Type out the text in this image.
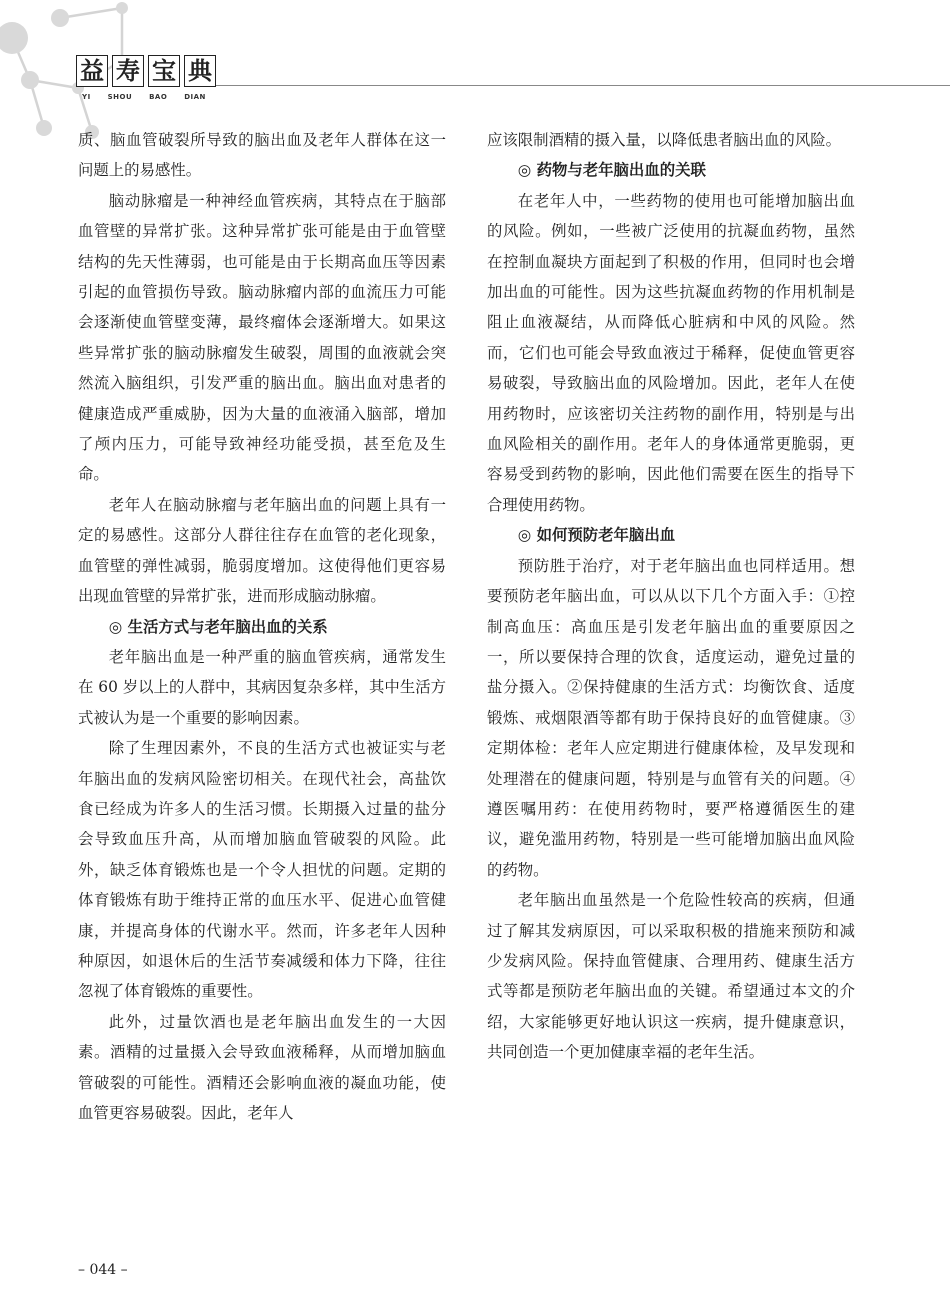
益 寿 宝 典
YI SHOU BAO DIAN

质、脑血管破裂所导致的脑出血及老年人群体在这一问题上的易感性。

脑动脉瘤是一种神经血管疾病，其特点在于脑部血管壁的异常扩张。这种异常扩张可能是由于血管壁结构的先天性薄弱，也可能是由于长期高血压等因素引起的血管损伤导致。脑动脉瘤内部的血流压力可能会逐渐使血管壁变薄，最终瘤体会逐渐增大。如果这些异常扩张的脑动脉瘤发生破裂，周围的血液就会突然流入脑组织，引发严重的脑出血。脑出血对患者的健康造成严重威胁，因为大量的血液涌入脑部，增加了颅内压力，可能导致神经功能受损，甚至危及生命。

老年人在脑动脉瘤与老年脑出血的问题上具有一定的易感性。这部分人群往往存在血管的老化现象，血管壁的弹性减弱，脆弱度增加。这使得他们更容易出现血管壁的异常扩张，进而形成脑动脉瘤。

◎ 生活方式与老年脑出血的关系

老年脑出血是一种严重的脑血管疾病，通常发生在 60 岁以上的人群中，其病因复杂多样，其中生活方式被认为是一个重要的影响因素。

除了生理因素外，不良的生活方式也被证实与老年脑出血的发病风险密切相关。在现代社会，高盐饮食已经成为许多人的生活习惯。长期摄入过量的盐分会导致血压升高，从而增加脑血管破裂的风险。此外，缺乏体育锻炼也是一个令人担忧的问题。定期的体育锻炼有助于维持正常的血压水平、促进心血管健康，并提高身体的代谢水平。然而，许多老年人因种种原因，如退休后的生活节奏减缓和体力下降，往往忽视了体育锻炼的重要性。

此外，过量饮酒也是老年脑出血发生的一大因素。酒精的过量摄入会导致血液稀释，从而增加脑血管破裂的可能性。酒精还会影响血液的凝血功能，使血管更容易破裂。因此，老年人

应该限制酒精的摄入量，以降低患者脑出血的风险。

◎ 药物与老年脑出血的关联

在老年人中，一些药物的使用也可能增加脑出血的风险。例如，一些被广泛使用的抗凝血药物，虽然在控制血凝块方面起到了积极的作用，但同时也会增加出血的可能性。因为这些抗凝血药物的作用机制是阻止血液凝结，从而降低心脏病和中风的风险。然而，它们也可能会导致血液过于稀释，促使血管更容易破裂，导致脑出血的风险增加。因此，老年人在使用药物时，应该密切关注药物的副作用，特别是与出血风险相关的副作用。老年人的身体通常更脆弱，更容易受到药物的影响，因此他们需要在医生的指导下合理使用药物。

◎ 如何预防老年脑出血

预防胜于治疗，对于老年脑出血也同样适用。想要预防老年脑出血，可以从以下几个方面入手：①控制高血压：高血压是引发老年脑出血的重要原因之一，所以要保持合理的饮食，适度运动，避免过量的盐分摄入。②保持健康的生活方式：均衡饮食、适度锻炼、戒烟限酒等都有助于保持良好的血管健康。③定期体检：老年人应定期进行健康体检，及早发现和处理潜在的健康问题，特别是与血管有关的问题。④遵医嘱用药：在使用药物时，要严格遵循医生的建议，避免滥用药物，特别是一些可能增加脑出血风险的药物。

老年脑出血虽然是一个危险性较高的疾病，但通过了解其发病原因，可以采取积极的措施来预防和减少发病风险。保持血管健康、合理用药、健康生活方式等都是预防老年脑出血的关键。希望通过本文的介绍，大家能够更好地认识这一疾病，提升健康意识，共同创造一个更加健康幸福的老年生活。

– 044 –
